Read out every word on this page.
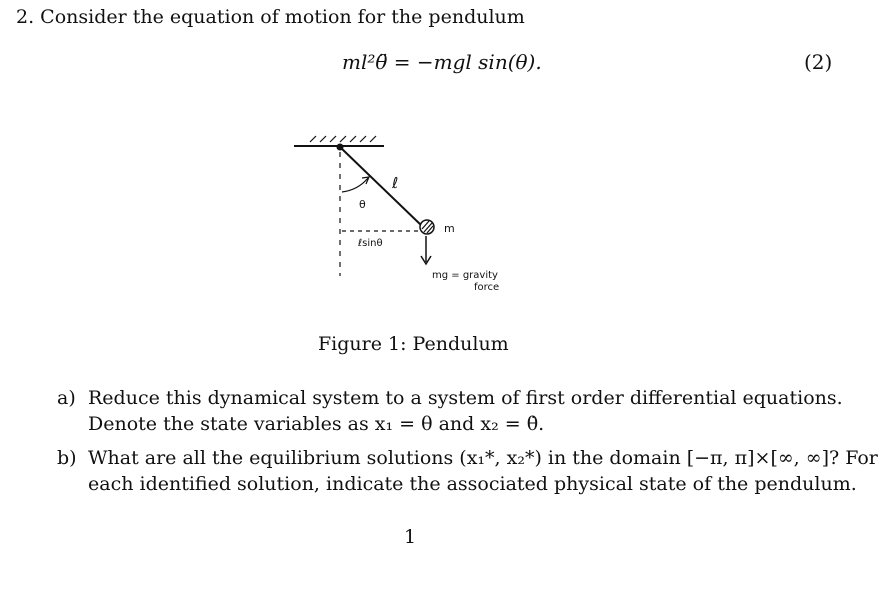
2. Consider the equation of motion for the pendulum
ml²θ̈ = −mgl sin(θ).	(2)
ℓ
θ
m
ℓsinθ
mg = gravity
force
Figure 1: Pendulum
a) Reduce this dynamical system to a system of first order differential equations.
Denote the state variables as x₁ = θ and x₂ = θ̇.
b) What are all the equilibrium solutions (x₁*, x₂*) in the domain [−π, π]×[∞, ∞]? For
each identified solution, indicate the associated physical state of the pendulum.
1
